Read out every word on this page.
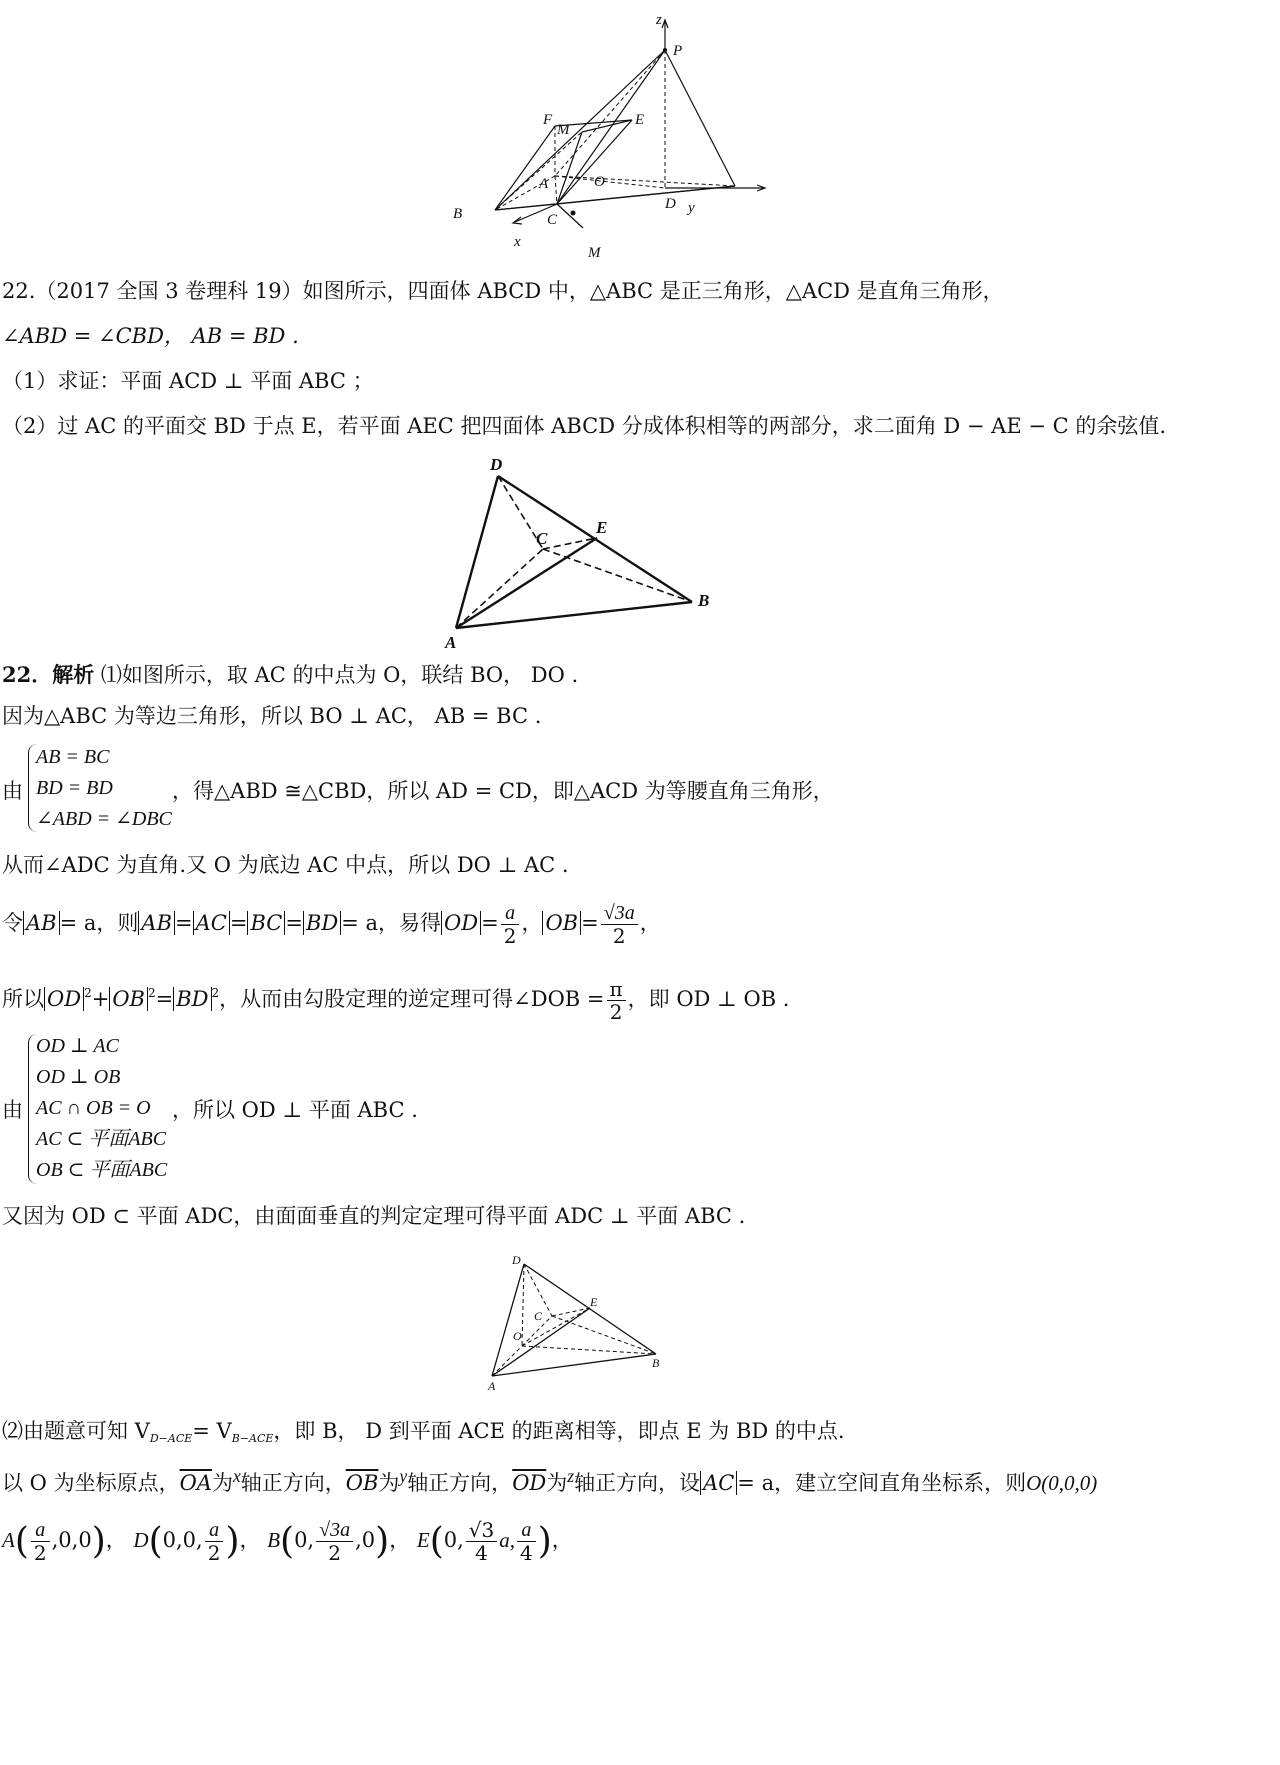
z
P
F
M
E
A	O
B	C
D y
x
M
22.（2017 全国 3 卷理科 19）如图所示，四面体 ABCD 中，△ABC 是正三角形，△ACD 是直角三角形，
∠ABD = ∠CBD， AB = BD .
（1）求证：平面 ACD ⊥ 平面 ABC ；
（2）过 AC 的平面交 BD 于点 E，若平面 AEC 把四面体 ABCD 分成体积相等的两部分，求二面角 D − AE − C 的余弦值.
D
E
C
B
A
22．解析 ⑴如图所示，取 AC 的中点为 O，联结 BO， DO .
因为△ABC 为等边三角形，所以 BO ⊥ AC， AB = BC .
由
AB = BC
BD = BD
∠ABD = ∠DBC
，得△ABD ≅△CBD，所以 AD = CD，即△ACD 为等腰直角三角形，
从而∠ADC 为直角.又 O 为底边 AC 中点，所以 DO ⊥ AC .
令 AB = a，则 AB = AC = BC = BD = a，易得 OD = $\frac{a}{2}$ ， OB = $\frac{√3a}{2}$ ，
所以 OD $^2$+ OB $^2$= BD $^2$，从而由勾股定理的逆定理可得∠DOB = $\frac{\pi}{2}$ ，即 OD ⊥ OB .
由
OD ⊥ AC
OD ⊥ OB
AC ∩ OB = O
AC ⊂ 平面ABC
OB ⊂ 平面ABC
，所以 OD ⊥ 平面 ABC .
又因为 OD ⊂ 平面 ADC，由面面垂直的判定定理可得平面 ADC ⊥ 平面 ABC .
D
E
C
O
B
A
⑵由题意可知 $V_{D-ACE}= V_{B-ACE}$，即 B， D 到平面 ACE 的距离相等，即点 E 为 BD 的中点.
以 O 为坐标原点，$\overline{OA}$为$^x$轴正方向，$\overline{OB}$为$^y$轴正方向，$\overline{OD}$为$^z$轴正方向，设 AC = a，建立空间直角坐标系，则O(0,0,0)
$A( \frac{a}{2} ,0,0)$， D(0,0, $\frac{a}{2}$ )， B(0, $\frac{√3a}{2} ,0$)， E(0, $\frac{√3}{4} a$, $\frac{a}{4}$ )，
